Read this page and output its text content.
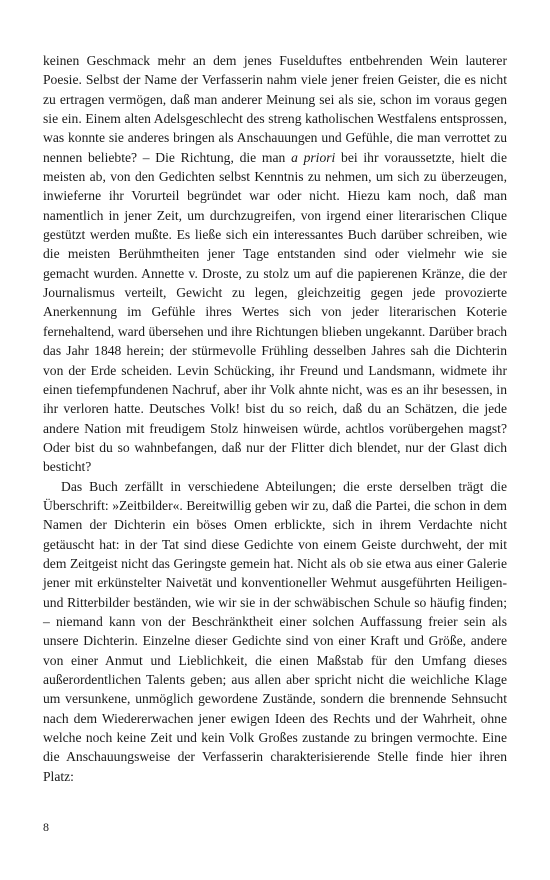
keinen Geschmack mehr an dem jenes Fuselduftes entbehrenden Wein lauterer Poesie. Selbst der Name der Verfasserin nahm viele jener freien Geister, die es nicht zu ertragen vermögen, daß man anderer Meinung sei als sie, schon im voraus gegen sie ein. Einem alten Adelsgeschlecht des streng katholischen Westfalens entsprossen, was konnte sie anderes bringen als Anschauungen und Gefühle, die man verrottet zu nennen beliebte? – Die Richtung, die man a priori bei ihr voraussetzte, hielt die meisten ab, von den Gedichten selbst Kenntnis zu nehmen, um sich zu überzeugen, inwieferne ihr Vorurteil begründet war oder nicht. Hiezu kam noch, daß man namentlich in jener Zeit, um durchzugreifen, von irgend einer literarischen Clique gestützt werden mußte. Es ließe sich ein interessantes Buch darüber schreiben, wie die meisten Berühmtheiten jener Tage entstanden sind oder vielmehr wie sie gemacht wurden. Annette v. Droste, zu stolz um auf die papierenen Kränze, die der Journalismus verteilt, Gewicht zu legen, gleichzeitig gegen jede provozierte Anerkennung im Gefühle ihres Wertes sich von jeder literarischen Koterie fernehaltend, ward übersehen und ihre Richtungen blieben ungekannt. Darüber brach das Jahr 1848 herein; der stürmevolle Frühling desselben Jahres sah die Dichterin von der Erde scheiden. Levin Schücking, ihr Freund und Landsmann, widmete ihr einen tiefempfundenen Nachruf, aber ihr Volk ahnte nicht, was es an ihr besessen, in ihr verloren hatte. Deutsches Volk! bist du so reich, daß du an Schätzen, die jede andere Nation mit freudigem Stolz hinweisen würde, achtlos vorübergehen magst? Oder bist du so wahnbefangen, daß nur der Flitter dich blendet, nur der Glast dich besticht?

Das Buch zerfällt in verschiedene Abteilungen; die erste derselben trägt die Überschrift: »Zeitbilder«. Bereitwillig geben wir zu, daß die Partei, die schon in dem Namen der Dichterin ein böses Omen erblickte, sich in ihrem Verdachte nicht getäuscht hat: in der Tat sind diese Gedichte von einem Geiste durchweht, der mit dem Zeitgeist nicht das Geringste gemein hat. Nicht als ob sie etwa aus einer Galerie jener mit erkünstelter Naivetät und konventioneller Wehmut ausgeführten Heiligen- und Ritterbilder beständen, wie wir sie in der schwäbischen Schule so häufig finden; – niemand kann von der Beschränktheit einer solchen Auffassung freier sein als unsere Dichterin. Einzelne dieser Gedichte sind von einer Kraft und Größe, andere von einer Anmut und Lieblichkeit, die einen Maßstab für den Umfang dieses außerordentlichen Talents geben; aus allen aber spricht nicht die weichliche Klage um versunkene, unmöglich gewordene Zustände, sondern die brennende Sehnsucht nach dem Wiedererwachen jener ewigen Ideen des Rechts und der Wahrheit, ohne welche noch keine Zeit und kein Volk Großes zustande zu bringen vermochte. Eine die Anschauungsweise der Verfasserin charakterisierende Stelle finde hier ihren Platz:

8
